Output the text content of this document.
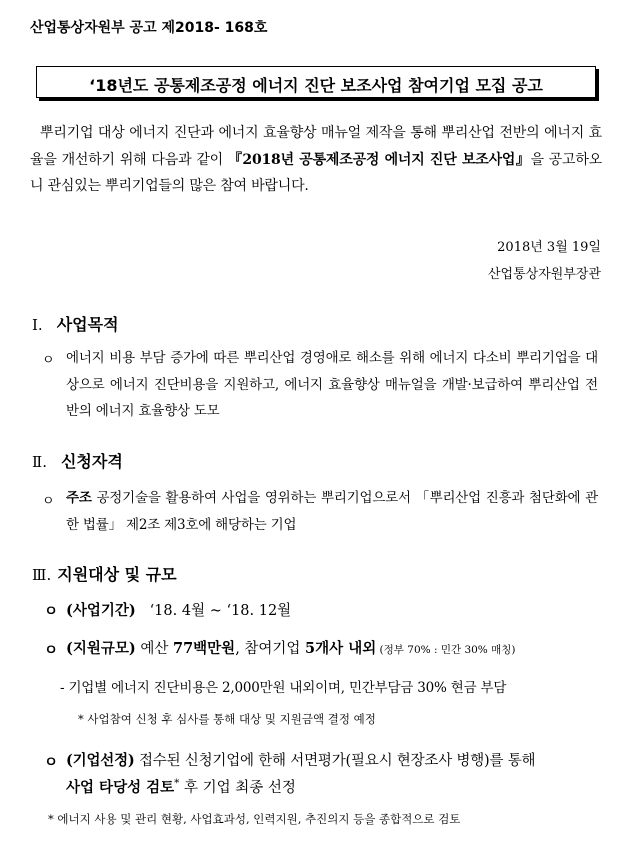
산업통상자원부 공고 제2018- 168호
‘18년도 공통제조공정 에너지 진단 보조사업 참여기업 모집 공고
뿌리기업 대상 에너지 진단과 에너지 효율향상 매뉴얼 제작을 통해 뿌리산업 전반의 에너지 효율을 개선하기 위해 다음과 같이 『2018년 공통제조공정 에너지 진단 보조사업』을 공고하오니 관심있는 뿌리기업들의 많은 참여 바랍니다.
2018년 3월 19일
산업통상자원부장관
Ⅰ. 사업목적
ㅇ 에너지 비용 부담 증가에 따른 뿌리산업 경영애로 해소를 위해 에너지 다소비 뿌리기업을 대상으로 에너지 진단비용을 지원하고, 에너지 효율향상 매뉴얼을 개발·보급하여 뿌리산업 전반의 에너지 효율향상 도모
Ⅱ. 신청자격
ㅇ 주조 공정기술을 활용하여 사업을 영위하는 뿌리기업으로서 「뿌리산업 진흥과 첨단화에 관한 법률」 제2조 제3호에 해당하는 기업
Ⅲ. 지원대상 및 규모
ㅇ (사업기간) ‘18. 4월 ~ ‘18. 12월
ㅇ (지원규모) 예산 77백만원, 참여기업 5개사 내외 (정부 70% : 민간 30% 매칭)
- 기업별 에너지 진단비용은 2,000만원 내외이며, 민간부담금 30% 현금 부담
* 사업참여 신청 후 심사를 통해 대상 및 지원금액 결정 예정
ㅇ (기업선정) 접수된 신청기업에 한해 서면평가(필요시 현장조사 병행)를 통해
사업 타당성 검토* 후 기업 최종 선정
* 에너지 사용 및 관리 현황, 사업효과성, 인력지원, 추진의지 등을 종합적으로 검토
